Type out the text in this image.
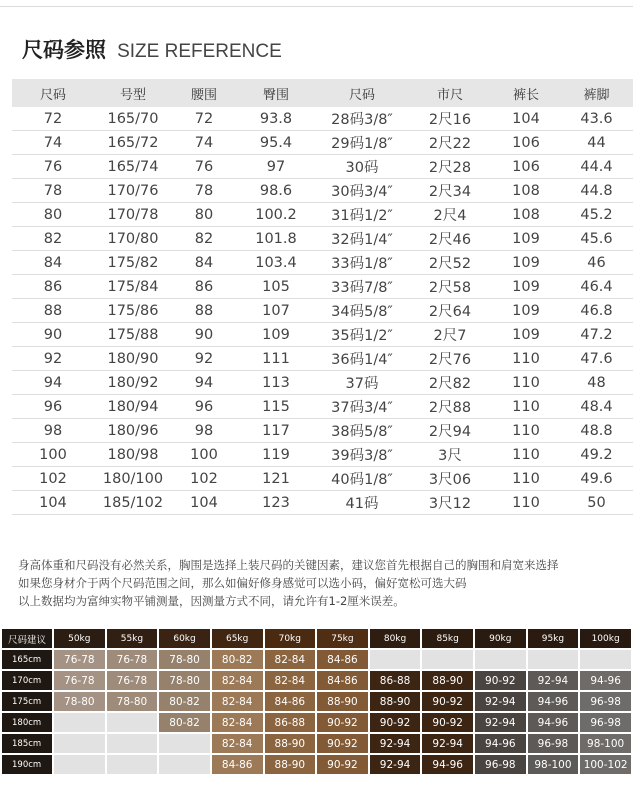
尺码参照 SIZE REFERENCE
尺码	号型	腰围	臀围	尺码	市尺	裤长	裤脚
72	165/70	72	93.8	28码3/8″	2尺16	104	43.6
74	165/72	74	95.4	29码1/8″	2尺22	106	44
76	165/74	76	97	30码	2尺28	106	44.4
78	170/76	78	98.6	30码3/4″	2尺34	108	44.8
80	170/78	80	100.2	31码1/2″	2尺4	108	45.2
82	170/80	82	101.8	32码1/4″	2尺46	109	45.6
84	175/82	84	103.4	33码1/8″	2尺52	109	46
86	175/84	86	105	33码7/8″	2尺58	109	46.4
88	175/86	88	107	34码5/8″	2尺64	109	46.8
90	175/88	90	109	35码1/2″	2尺7	109	47.2
92	180/90	92	111	36码1/4″	2尺76	110	47.6
94	180/92	94	113	37码	2尺82	110	48
96	180/94	96	115	37码3/4″	2尺88	110	48.4
98	180/96	98	117	38码5/8″	2尺94	110	48.8
100	180/98	100	119	39码3/8″	3尺	110	49.2
102	180/100	102	121	40码1/8″	3尺06	110	49.6
104	185/102	104	123	41码	3尺12	110	50
身高体重和尺码没有必然关系，胸围是选择上装尺码的关键因素，建议您首先根据自己的胸围和肩宽来选择
如果您身材介于两个尺码范围之间，那么如偏好修身感觉可以选小码，偏好宽松可选大码
以上数据均为富绅实物平铺测量，因测量方式不同，请允许有1-2厘米误差。
尺码建议	50kg	55kg	60kg	65kg	70kg	75kg	80kg	85kg	90kg	95kg	100kg
165cm	76-78	76-78	78-80	80-82	82-84	84-86					
170cm	76-78	76-78	78-80	82-84	82-84	84-86	86-88	88-90	90-92	92-94	94-96
175cm	78-80	78-80	80-82	82-84	84-86	88-90	88-90	90-92	92-94	94-96	96-98
180cm			80-82	82-84	86-88	90-92	90-92	90-92	92-94	94-96	96-98
185cm				82-84	88-90	90-92	92-94	92-94	94-96	96-98	98-100
190cm				84-86	88-90	90-92	92-94	94-96	96-98	98-100	100-102
